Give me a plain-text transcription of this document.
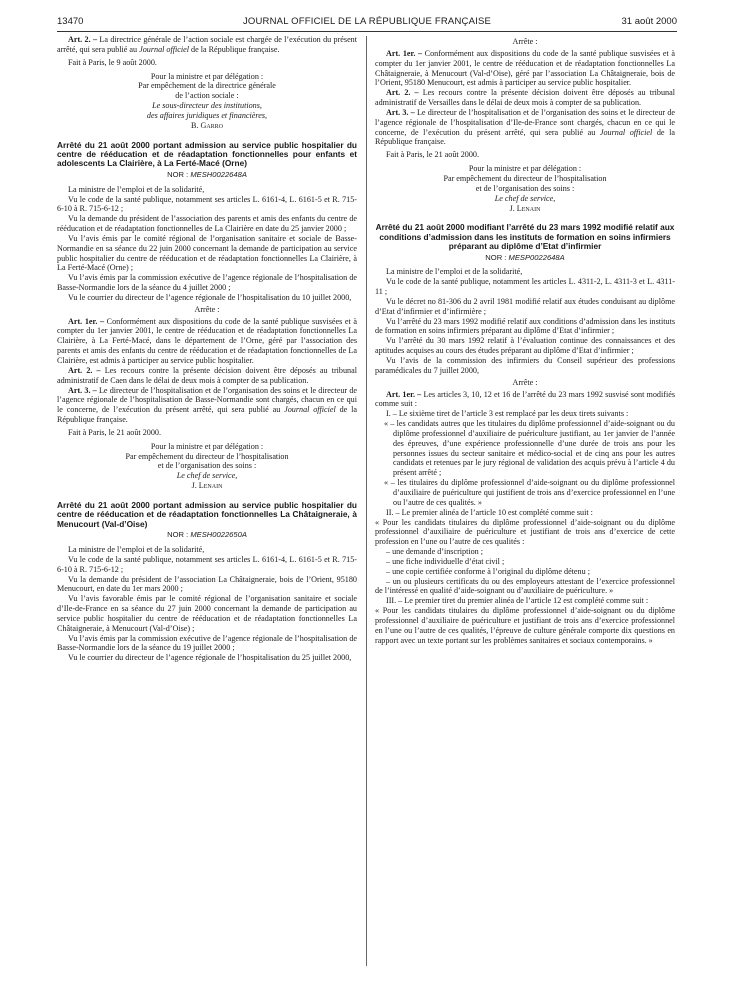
13470	JOURNAL OFFICIEL DE LA RÉPUBLIQUE FRANÇAISE	31 août 2000

Art. 2. – La directrice générale de l’action sociale est chargée de l’exécution du présent arrêté, qui sera publié au Journal officiel de la République française.

Fait à Paris, le 9 août 2000.

Pour la ministre et par délégation :
Par empêchement de la directrice générale
de l’action sociale :
Le sous-directeur des institutions,
des affaires juridiques et financières,
B. Garro

Arrêté du 21 août 2000 portant admission au service public hospitalier du centre de rééducation et de réadaptation fonctionnelles pour enfants et adolescents La Clairière, à La Ferté-Macé (Orne)

NOR : MESH0022648A

La ministre de l’emploi et de la solidarité,

Vu le code de la santé publique, notamment ses articles L. 6161-4, L. 6161-5 et R. 715-6-10 à R. 715-6-12 ;

Vu la demande du président de l’association des parents et amis des enfants du centre de rééducation et de réadaptation fonctionnelles de La Clairière en date du 25 janvier 2000 ;

Vu l’avis émis par le comité régional de l’organisation sanitaire et sociale de Basse-Normandie en sa séance du 22 juin 2000 concernant la demande de participation au service public hospitalier du centre de rééducation et de réadaptation fonctionnelles La Clairière, à La Ferté-Macé (Orne) ;

Vu l’avis émis par la commission exécutive de l’agence régionale de l’hospitalisation de Basse-Normandie lors de la séance du 4 juillet 2000 ;

Vu le courrier du directeur de l’agence régionale de l’hospitalisation du 10 juillet 2000,

Arrête :

Art. 1er. – Conformément aux dispositions du code de la santé publique susvisées et à compter du 1er janvier 2001, le centre de rééducation et de réadaptation fonctionnelles La Clairière, à La Ferté-Macé, dans le département de l’Orne, géré par l’association des parents et amis des enfants du centre de rééducation et de réadaptation fonctionnelles de La Clairière, est admis à participer au service public hospitalier.

Art. 2. – Les recours contre la présente décision doivent être déposés au tribunal administratif de Caen dans le délai de deux mois à compter de sa publication.

Art. 3. – Le directeur de l’hospitalisation et de l’organisation des soins et le directeur de l’agence régionale de l’hospitalisation de Basse-Normandie sont chargés, chacun en ce qui le concerne, de l’exécution du présent arrêté, qui sera publié au Journal officiel de la République française.

Fait à Paris, le 21 août 2000.

Pour la ministre et par délégation :
Par empêchement du directeur de l’hospitalisation
et de l’organisation des soins :
Le chef de service,
J. Lenain

Arrêté du 21 août 2000 portant admission au service public hospitalier du centre de rééducation et de réadaptation fonctionnelles La Châtaigneraie, à Menucourt (Val-d’Oise)

NOR : MESH0022650A

La ministre de l’emploi et de la solidarité,

Vu le code de la santé publique, notamment ses articles L. 6161-4, L. 6161-5 et R. 715-6-10 à R. 715-6-12 ;

Vu la demande du président de l’association La Châtaigneraie, bois de l’Orient, 95180 Menucourt, en date du 1er mars 2000 ;

Vu l’avis favorable émis par le comité régional de l’organisation sanitaire et sociale d’Ile-de-France en sa séance du 27 juin 2000 concernant la demande de participation au service public hospitalier du centre de rééducation et de réadaptation fonctionnelles La Châtaigneraie, à Menucourt (Val-d’Oise) ;

Vu l’avis émis par la commission exécutive de l’agence régionale de l’hospitalisation de Basse-Normandie lors de la séance du 19 juillet 2000 ;

Vu le courrier du directeur de l’agence régionale de l’hospitalisation du 25 juillet 2000,

Arrête :

Art. 1er. – Conformément aux dispositions du code de la santé publique susvisées et à compter du 1er janvier 2001, le centre de rééducation et de réadaptation fonctionnelles La Châtaigneraie, à Menucourt (Val-d’Oise), géré par l’association La Châtaigneraie, bois de l’Orient, 95180 Menucourt, est admis à participer au service public hospitalier.

Art. 2. – Les recours contre la présente décision doivent être déposés au tribunal administratif de Versailles dans le délai de deux mois à compter de sa publication.

Art. 3. – Le directeur de l’hospitalisation et de l’organisation des soins et le directeur de l’agence régionale de l’hospitalisation d’Ile-de-France sont chargés, chacun en ce qui le concerne, de l’exécution du présent arrêté, qui sera publié au Journal officiel de la République française.

Fait à Paris, le 21 août 2000.

Pour la ministre et par délégation :
Par empêchement du directeur de l’hospitalisation
et de l’organisation des soins :
Le chef de service,
J. Lenain

Arrêté du 21 août 2000 modifiant l’arrêté du 23 mars 1992 modifié relatif aux conditions d’admission dans les instituts de formation en soins infirmiers préparant au diplôme d’Etat d’infirmier

NOR : MESP0022648A

La ministre de l’emploi et de la solidarité,

Vu le code de la santé publique, notamment les articles L. 4311-2, L. 4311-3 et L. 4311-11 ;

Vu le décret no 81-306 du 2 avril 1981 modifié relatif aux études conduisant au diplôme d’Etat d’infirmier et d’infirmière ;

Vu l’arrêté du 23 mars 1992 modifié relatif aux conditions d’admission dans les instituts de formation en soins infirmiers préparant au diplôme d’Etat d’infirmier ;

Vu l’arrêté du 30 mars 1992 relatif à l’évaluation continue des connaissances et des aptitudes acquises au cours des études préparant au diplôme d’Etat d’infirmier ;

Vu l’avis de la commission des infirmiers du Conseil supérieur des professions paramédicales du 7 juillet 2000,

Arrête :

Art. 1er. – Les articles 3, 10, 12 et 16 de l’arrêté du 23 mars 1992 susvisé sont modifiés comme suit :

I. – Le sixième tiret de l’article 3 est remplacé par les deux tirets suivants :

« – les candidats autres que les titulaires du diplôme professionnel d’aide-soignant ou du diplôme professionnel d’auxiliaire de puériculture justifiant, au 1er janvier de l’année des épreuves, d’une expérience professionnelle d’une durée de trois ans pour les personnes issues du secteur sanitaire et médico-social et de cinq ans pour les autres candidats et retenues par le jury régional de validation des acquis prévu à l’article 4 du présent arrêté ;

« – les titulaires du diplôme professionnel d’aide-soignant ou du diplôme professionnel d’auxiliaire de puériculture qui justifient de trois ans d’exercice professionnel en l’une ou l’autre de ces qualités. »

II. – Le premier alinéa de l’article 10 est complété comme suit :

« Pour les candidats titulaires du diplôme professionnel d’aide-soignant ou du diplôme professionnel d’auxiliaire de puériculture et justifiant de trois ans d’exercice de cette profession en l’une ou l’autre de ces qualités :

– une demande d’inscription ;

– une fiche individuelle d’état civil ;

– une copie certifiée conforme à l’original du diplôme détenu ;

– un ou plusieurs certificats du ou des employeurs attestant de l’exercice professionnel de l’intéressé en qualité d’aide-soignant ou d’auxiliaire de puériculture. »

III. – Le premier tiret du premier alinéa de l’article 12 est complété comme suit :

« Pour les candidats titulaires du diplôme professionnel d’aide-soignant ou du diplôme professionnel d’auxiliaire de puériculture et justifiant de trois ans d’exercice professionnel en l’une ou l’autre de ces qualités, l’épreuve de culture générale comporte dix questions en rapport avec un texte portant sur les problèmes sanitaires et sociaux contemporains. »
